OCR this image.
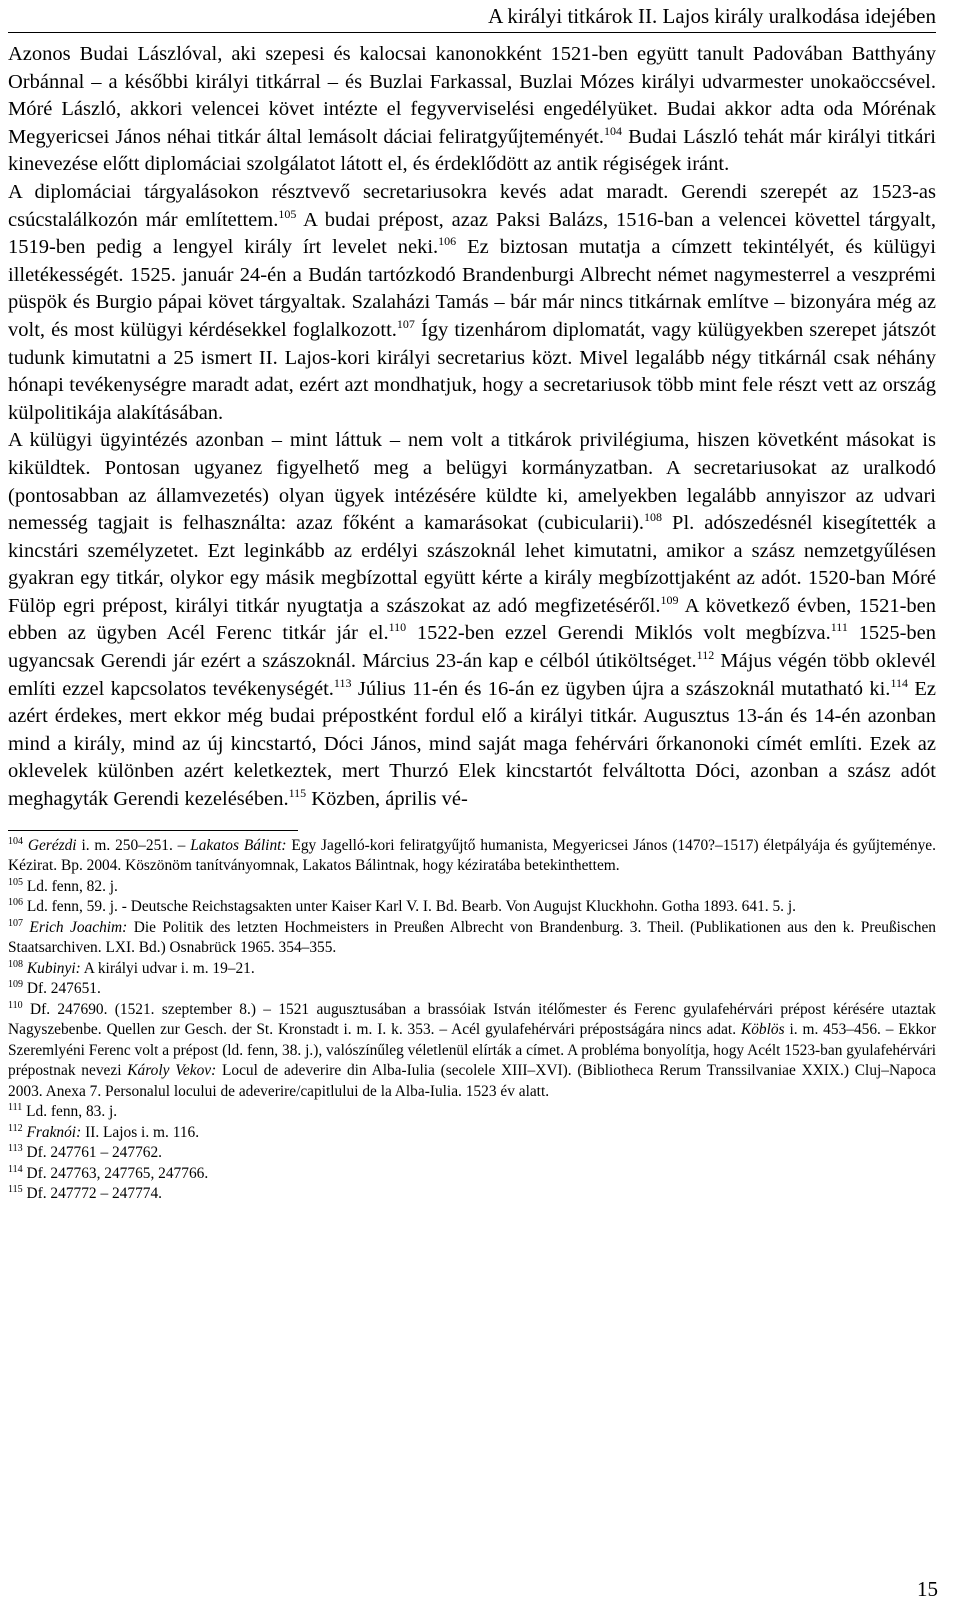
A királyi titkárok II. Lajos király uralkodása idejében

Azonos Budai Lászlóval, aki szepesi és kalocsai kanonokként 1521-ben együtt tanult Padovában Batthyány Orbánnal – a későbbi királyi titkárral – és Buzlai Farkassal, Buzlai Mózes királyi udvarmester unokaöccsével. Móré László, akkori velencei követ intézte el fegyverviselési engedélyüket. Budai akkor adta oda Mórénak Megyericsei János néhai titkár által lemásolt dáciai feliratgyűjteményét.$^{104}$ Budai László tehát már királyi titkári kinevezése előtt diplomáciai szolgálatot látott el, és érdeklődött az antik régiségek iránt.

A diplomáciai tárgyalásokon résztvevő secretariusokra kevés adat maradt. Gerendi szerepét az 1523-as csúcstalálkozón már említettem.$^{105}$ A budai prépost, azaz Paksi Balázs, 1516-ban a velencei követtel tárgyalt, 1519-ben pedig a lengyel király írt levelet neki.$^{106}$ Ez biztosan mutatja a címzett tekintélyét, és külügyi illetékességét. 1525. január 24-én a Budán tartózkodó Brandenburgi Albrecht német nagymesterrel a veszprémi püspök és Burgio pápai követ tárgyaltak. Szalaházi Tamás – bár már nincs titkárnak említve – bizonyára még az volt, és most külügyi kérdésekkel foglalkozott.$^{107}$ Így tizenhárom diplomatát, vagy külügyekben szerepet játszót tudunk kimutatni a 25 ismert II. Lajos-kori királyi secretarius közt. Mivel legalább négy titkárnál csak néhány hónapi tevékenységre maradt adat, ezért azt mondhatjuk, hogy a secretariusok több mint fele részt vett az ország külpolitikája alakításában.

A külügyi ügyintézés azonban – mint láttuk – nem volt a titkárok privilégiuma, hiszen követként másokat is kiküldtek. Pontosan ugyanez figyelhető meg a belügyi kormányzatban. A secretariusokat az uralkodó (pontosabban az államvezetés) olyan ügyek intézésére küldte ki, amelyekben legalább annyiszor az udvari nemesség tagjait is felhasználta: azaz főként a kamarásokat (cubicularii).$^{108}$ Pl. adószedésnél kisegítették a kincstári személyzetet. Ezt leginkább az erdélyi szászoknál lehet kimutatni, amikor a szász nemzetgyűlésen gyakran egy titkár, olykor egy másik megbízottal együtt kérte a király megbízottjaként az adót. 1520-ban Móré Fülöp egri prépost, királyi titkár nyugtatja a szászokat az adó megfizetéséről.$^{109}$ A következő évben, 1521-ben ebben az ügyben Acél Ferenc titkár jár el.$^{110}$ 1522-ben ezzel Gerendi Miklós volt megbízva.$^{111}$ 1525-ben ugyancsak Gerendi jár ezért a szászoknál. Március 23-án kap e célból útiköltséget.$^{112}$ Május végén több oklevél említi ezzel kapcsolatos tevékenységét.$^{113}$ Július 11-én és 16-án ez ügyben újra a szászoknál mutatható ki.$^{114}$ Ez azért érdekes, mert ekkor még budai prépostként fordul elő a királyi titkár. Augusztus 13-án és 14-én azonban mind a király, mind az új kincstartó, Dóci János, mind saját maga fehérvári őrkanonoki címét említi. Ezek az oklevelek különben azért keletkeztek, mert Thurzó Elek kincstartót felváltotta Dóci, azonban a szász adót meghagyták Gerendi kezelésében.$^{115}$ Közben, április vé-

$^{104}$ Gerézdi i. m. 250–251. – Lakatos Bálint: Egy Jagelló-kori feliratgyűjtő humanista, Megyericsei János (1470?–1517) életpályája és gyűjteménye. Kézirat. Bp. 2004. Köszönöm tanítványomnak, Lakatos Bálintnak, hogy kéziratába betekinthettem.

$^{105}$ Ld. fenn, 82. j.

$^{106}$ Ld. fenn, 59. j. - Deutsche Reichstagsakten unter Kaiser Karl V. I. Bd. Bearb. Von Augujst Kluckhohn. Gotha 1893. 641. 5. j.

$^{107}$ Erich Joachim: Die Politik des letzten Hochmeisters in Preußen Albrecht von Brandenburg. 3. Theil. (Publikationen aus den k. Preußischen Staatsarchiven. LXI. Bd.) Osnabrück 1965. 354–355.

$^{108}$ Kubinyi: A királyi udvar i. m. 19–21.

$^{109}$ Df. 247651.

$^{110}$ Df. 247690. (1521. szeptember 8.) – 1521 augusztusában a brassóiak István itélőmester és Ferenc gyulafehérvári prépost kérésére utaztak Nagyszebenbe. Quellen zur Gesch. der St. Kronstadt i. m. I. k. 353. – Acél gyulafehérvári prépostságára nincs adat. Köblös i. m. 453–456. – Ekkor Szeremlyéni Ferenc volt a prépost (ld. fenn, 38. j.), valószínűleg véletlenül elírták a címet. A probléma bonyolítja, hogy Acélt 1523-ban gyulafehérvári prépostnak nevezi Károly Vekov: Locul de adeverire din Alba-Iulia (secolele XIII–XVI). (Bibliotheca Rerum Transsilvaniae XXIX.) Cluj–Napoca 2003. Anexa 7. Personalul locului de adeverire/capitlului de la Alba-Iulia. 1523 év alatt.

$^{111}$ Ld. fenn, 83. j.

$^{112}$ Fraknói: II. Lajos i. m. 116.

$^{113}$ Df. 247761 – 247762.

$^{114}$ Df. 247763, 247765, 247766.

$^{115}$ Df. 247772 – 247774.

15
